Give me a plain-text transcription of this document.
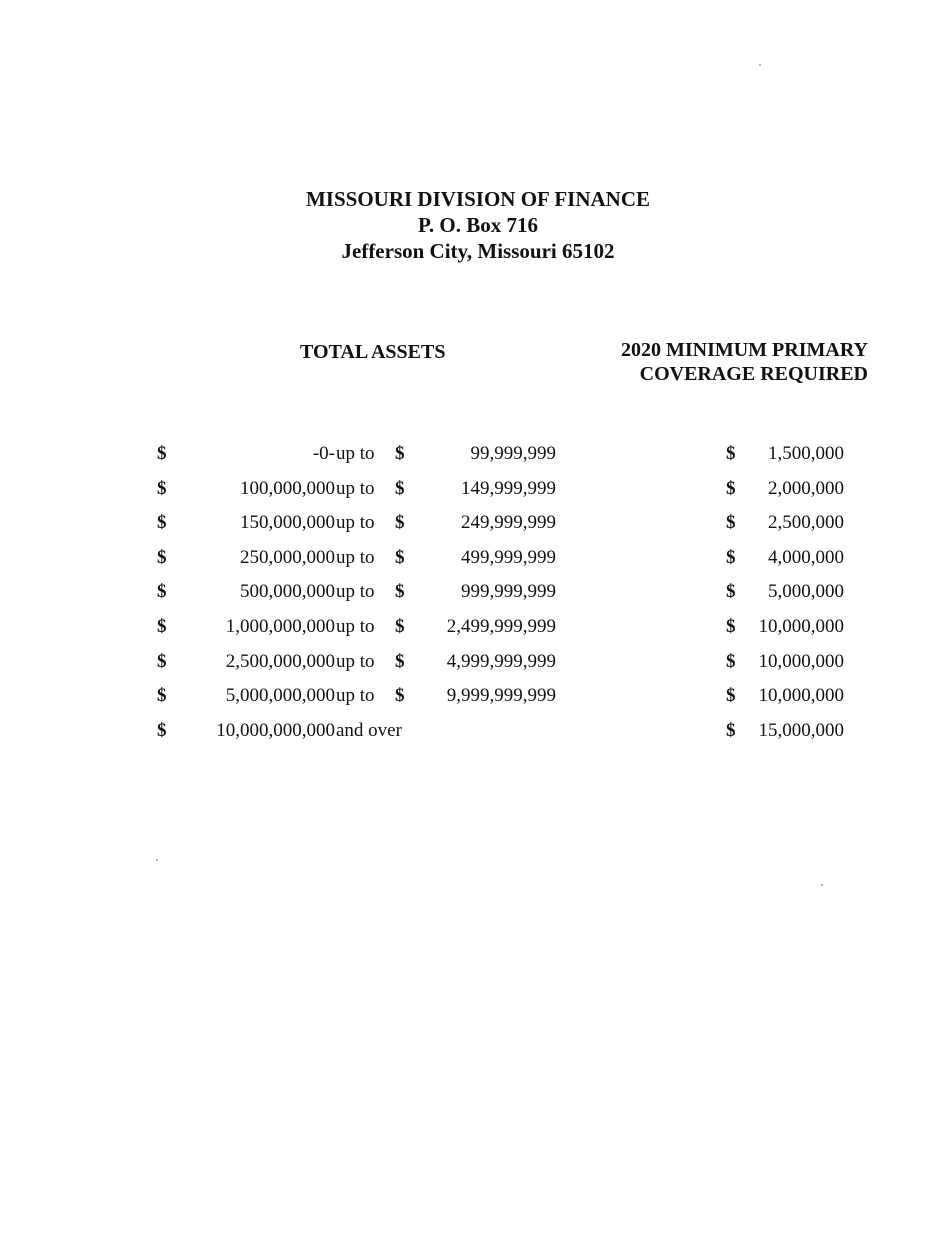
MISSOURI DIVISION OF FINANCE
P. O. Box 716
Jefferson City, Missouri 65102
TOTAL ASSETS	2020 MINIMUM PRIMARY
COVERAGE REQUIRED
$	-0- up to $	99,999,999	$ 1,500,000
$	100,000,000 up to $	149,999,999	$ 2,000,000
$	150,000,000 up to $	249,999,999	$ 2,500,000
$	250,000,000 up to $	499,999,999	$ 4,000,000
$	500,000,000 up to $	999,999,999	$ 5,000,000
$	1,000,000,000 up to $ 2,499,999,999	$ 10,000,000
$	2,500,000,000 up to $ 4,999,999,999	$ 10,000,000
$	5,000,000,000 up to $ 9,999,999,999	$ 10,000,000
$	10,000,000,000 and over	$ 15,000,000
